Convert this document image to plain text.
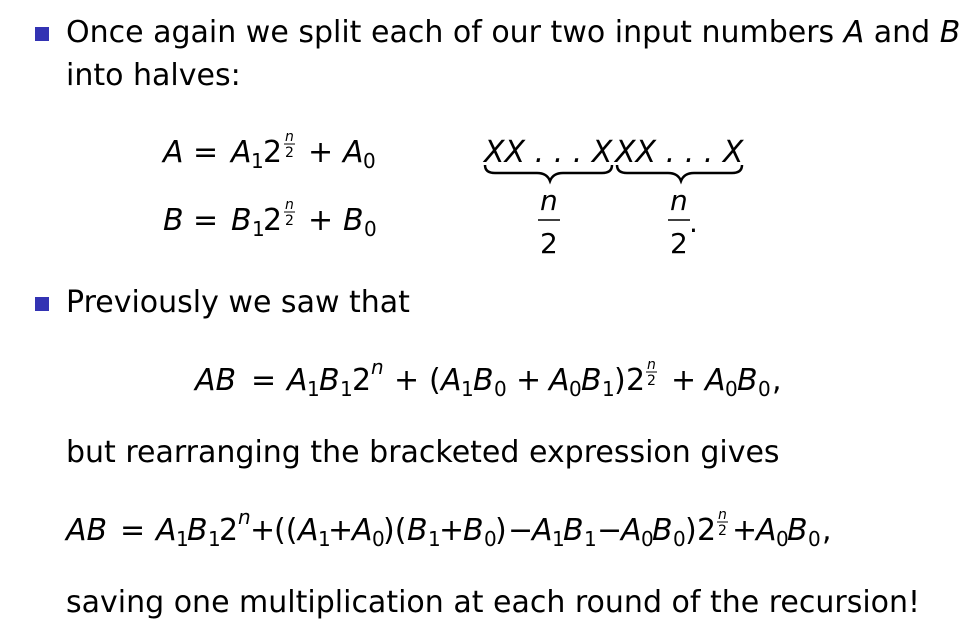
Once again we split each of our two input numbers A and B
into halves:
A = A 1 2 n
2 + A 0
B = B 1
2 n
2 + B 0
XX . . . X XX . . . X
n
2
n
2
.
Previously we saw that
AB = A 1 B 1 2 n + ( A 1 B 0 + A 0 B 1 ) 2 n
2 + A 0 B 0 ,
but rearranging the bracketed expression gives
AB = A 1
B 1
2 n +
(( A 1
+
A 0
)( B 1
+
B 0
) −
A 1
B 1 −
A 0
B 0 ) 2 n
2 +
A 0
B 0 ,
saving one multiplication at each round of the recursion!
